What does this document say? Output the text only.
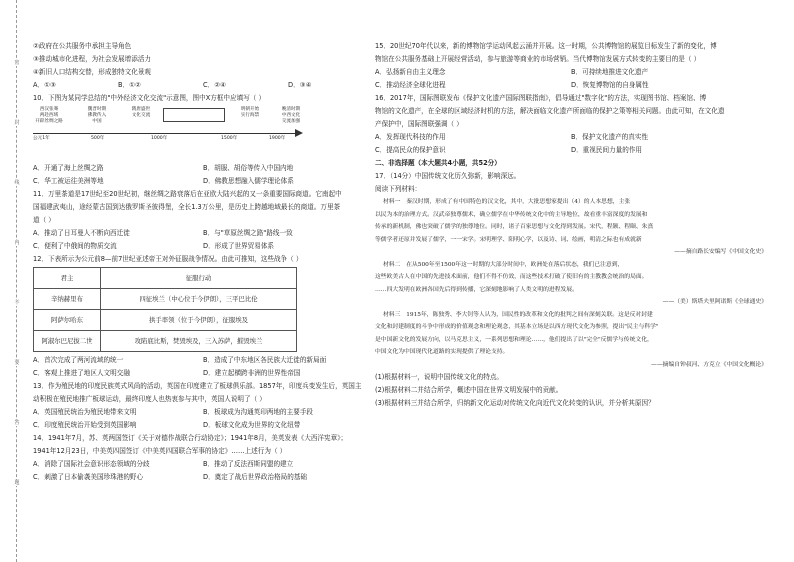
密
封
线
内
不
要
答
题
②政府在公共服务中承担主导角色
③推动城市化进程，为社会发展增添活力
④新旧人口结构交替，形成独特文化景观
A．①③	B．①②	C．②④	D．③④
10．下图为某同学总结的"中外经济文化交流"示意图，图中Ⅹ方框中应填写（ ）
西汉张骞
两赴西域
开辟丝绸之路
魏晋时期
佛教传入
中国
隋唐盛世
文化交流

明朝开始
实行海禁
晚清时期
中西文化
交流加强
公元1年	500年	1000年	1500年	1900年
A．开通了海上丝绸之路	B．胡服、胡俗等传入中国内地
C．华工被运往美洲等地	D．佛教思想融入儒学理论体系
11．万里茶道是17世纪至20世纪初，继丝绸之路衰落后在亚欧大陆兴起的又一条重要国际商道。它南起中
国福建武夷山，途经蒙古国到达俄罗斯圣彼得堡，全长1.3万公里，是历史上跨越地域最长的商道。万里茶
道（ ）
A．推动了日耳曼人不断向西迁徙	B．与"草原丝绸之路"路线一致
C．便利了中俄间的物质交流	D．形成了世界贸易体系
12．下表所示为公元前8—前7世纪亚述帝王对外征服战争情况。由此可推知，这些战争（ ）
君主	征服行动
辛纳赫里布	四征埃兰（中心位于今伊朗），三平巴比伦
阿萨尔哈东	拱手率领（位于今伊朗），征服埃及
阿淑尔巴尼拔二世	攻陷底比斯，焚毁埃及，三入苏萨，摧毁埃兰
A．首次完成了两河流域的统一	B．造成了中东地区各民族大迁徙的新局面
C．客观上推进了地区人文明交融	D．建立起横跨非洲的世界性帝国
13．作为殖民地的印度民族英式风尚的活动，英国在印度建立了板球俱乐部。1857年，印度兵变发生后，英国主
动积极在殖民地推广板球运动，最终印度人也热衷参与其中，英国人说明了（ ）
A．英国殖民统治为殖民地带来文明	B．板球成为沟通英印两地的主要手段
C．印度殖民统治开始受到英国影响	D．板球文化成为世界的文化纽带
14．1941年7月，苏、英两国签订《关于对德作战联合行动协定》；1941年8月，美英发表《大西洋宪章》；
1941年12月23日，中美英四国签订《中美英四国联合军事的协定》……上述行为（ ）
A．消除了国际社会意识形态领域的分歧	B．推动了反法西斯同盟的建立
C．刺激了日本偷袭美国珍珠港的野心	D．奠定了战后世界政治格局的基础
15．20世纪70年代以来，新的博物馆学运动风起云涌并开展。这一时期，公共博物馆的展览目标发生了新的变化，博
物馆在公共服务基础上开展经营活动，参与旅游等商业的市场营销。当代博物馆发展方式转变的主要目的是（ ）
A．弘扬新自由主义理念	B．可持续地推进文化遗产
C．推动经济全球化进程	D．恢复博物馆的自身属性
16．2017年，国际图联发布《保护文化遗产国际图联指南》，倡导通过"数字化"的方法，实现图书馆、档案馆、博
物馆的文化遗产，在全球的区域经济时机的方法，解决面临文化遗产所面临的保护之策等相关问题。由此可知，在文化遗
产保护中，国际图联强调（ ）
A．发挥现代科技的作用	B．保护文化遗产的真实性
C．提高民众的保护意识	D．重视民间力量的作用
二、非选择题（本大题共4小题，共52分）
17．（14分）中国传统文化历久弥新，影响深远。
阅读下列材料：
材料一　秦汉时期，形成了有中国特色的汉文化，其中，大批思想家提出（4）的人本思想，主张
以民为本的治理方式。汉武帝独尊儒术，确立儒学在中华传统文化中的主导地位，故看重丰富深度的发展和
传承的新机制，佛也突破了儒学的独尊地位。同时，诸子百家思想与文化得到发展。宋代，程颢、程颐、朱熹
等儒学者还原并发展了儒学，一一宋学。宋明理学、阳明心学，以及诗、词、绘画，明清之际也有成就新
——摘自路长安编写《中国文化史》
材料二　在从500年至1500年这一时期的大部分时间中，欧洲处在落后状态，我们已注意到，
这些欧美古人在中国的先进技术面前，他们不得不仿效，而这些技术打破了使旧有的主教教会统治的局面。
……四大发明在欧洲各国先后得到传播，它深刻地影响了人类文明的进程发展。
——（美）斯塔夫里阿诺斯《全球通史》
材料三　1915年，陈独秀、李大钊等人认为，国民性的改革和文化的批判之间有深刻关联。这是反对封建
文化和封建制度的斗争中形成的价值观念和理论观念，其基本立场是以西方现代文化为参照，提出"民主与科学"
是中国新文化的发展方向，以马克思主义，一系列思想和理论……，他们提出了以"完全"反儒学与传统文化，
中国文化为中国现代化道路的实现提供了理论支持。
——摘编自钟叔河、方克立《中国文化概论》
(1)根据材料一，说明中国传统文化的特点。
(2)根据材料二并结合所学，概述中国在世界文明发展中的贡献。
(3)根据材料三并结合所学，归纳新文化运动对传统文化向近代文化转变的认识，并分析其原因？
